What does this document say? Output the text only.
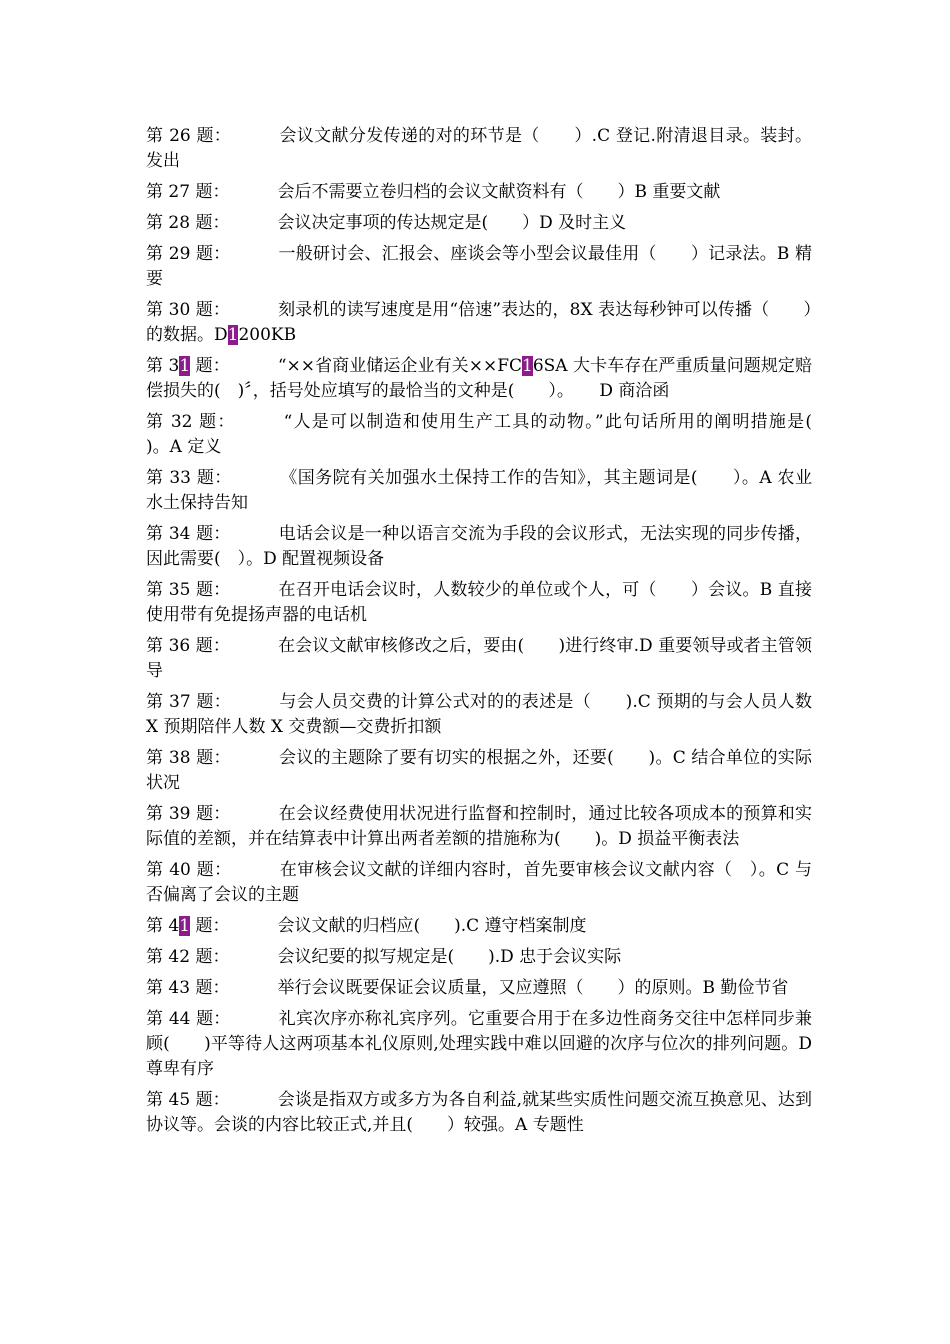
第 26 题：	会议文献分发传递的对的环节是（　　）.C 登记.附清退目录。装封。发出

第 27 题：	会后不需要立卷归档的会议文献资料有（　　）B 重要文献

第 28 题：	会议决定事项的传达规定是(　　）D 及时主义

第 29 题：	一般研讨会、汇报会、座谈会等小型会议最佳用（　　）记录法。B 精要

第 30 题：	刻录机的读写速度是用“倍速”表达的，8X 表达每秒钟可以传播（　　）的数据。D1200KB

第 31 题：	“××省商业储运企业有关××FC16SA 大卡车存在严重质量问题规定赔偿损失的(　)〞，括号处应填写的最恰当的文种是(　　）。　　D 商洽函

第 32 题：	“人是可以制造和使用生产工具的动物。”此句话所用的阐明措施是(　　)。A 定义

第 33 题：	《国务院有关加强水土保持工作的告知》，其主题词是(　　）。A 农业　　水土保持告知

第 34 题：	电话会议是一种以语言交流为手段的会议形式，无法实现的同步传播，因此需要(　）。D 配置视频设备

第 35 题：	在召开电话会议时，人数较少的单位或个人，可（　　）会议。B 直接使用带有免提扬声器的电话机

第 36 题：	在会议文献审核修改之后，要由(　　)进行终审.D 重要领导或者主管领导

第 37 题：	与会人员交费的计算公式对的的表述是（　　).C 预期的与会人员人数 X 预期陪伴人数 X 交费额—交费折扣额

第 38 题：	会议的主题除了要有切实的根据之外，还要(　　)。C 结合单位的实际状况

第 39 题：	在会议经费使用状况进行监督和控制时，通过比较各项成本的预算和实际值的差额，并在结算表中计算出两者差额的措施称为(　　)。D 损益平衡表法

第 40 题：	在审核会议文献的详细内容时，首先要审核会议文献内容（　）。C 与否偏离了会议的主题

第 41 题：	会议文献的归档应(　　).C 遵守档案制度

第 42 题：	会议纪要的拟写规定是(　　).D 忠于会议实际

第 43 题：	举行会议既要保证会议质量，又应遵照（　　）的原则。B 勤俭节省

第 44 题：	礼宾次序亦称礼宾序列。它重要合用于在多边性商务交往中怎样同步兼顾(　　)平等待人这两项基本礼仪原则,处理实践中难以回避的次序与位次的排列问题。D 尊卑有序

第 45 题：	会谈是指双方或多方为各自利益,就某些实质性问题交流互换意见、达到协议等。会谈的内容比较正式,并且(　　）较强。A 专题性
